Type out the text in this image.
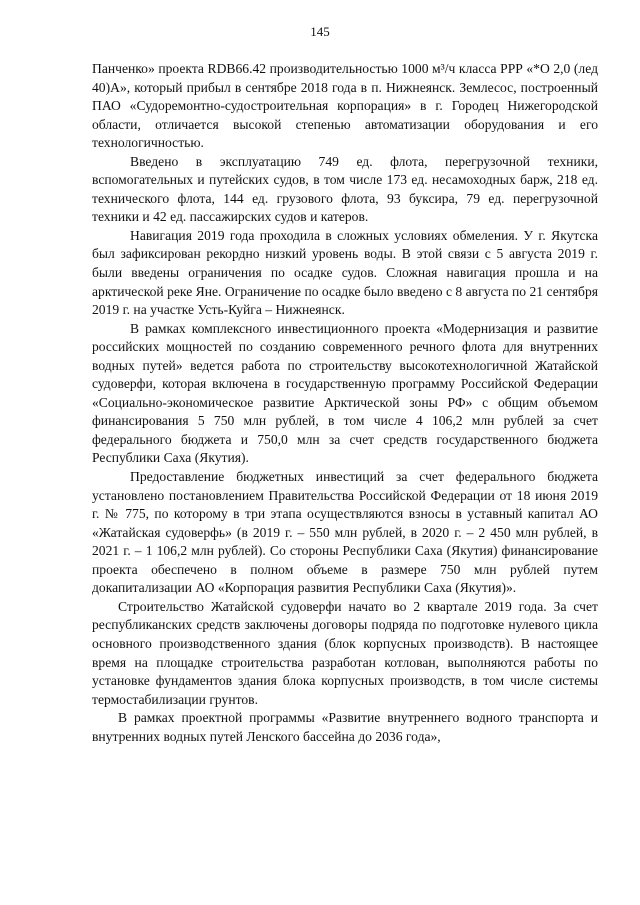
145

Панченко» проекта RDB66.42 производительностью 1000 м³/ч класса РРР «*О 2,0 (лед 40)А», который прибыл в сентябре 2018 года в п. Нижнеянск. Землесос, построенный ПАО «Судоремонтно-судостроительная корпорация» в г. Городец Нижегородской области, отличается высокой степенью автоматизации оборудования и его технологичностью.

Введено в эксплуатацию 749 ед. флота, перегрузочной техники, вспомогательных и путейских судов, в том числе 173 ед. несамоходных барж, 218 ед. технического флота, 144 ед. грузового флота, 93 буксира, 79 ед. перегрузочной техники и 42 ед. пассажирских судов и катеров.

Навигация 2019 года проходила в сложных условиях обмеления. У г. Якутска был зафиксирован рекордно низкий уровень воды. В этой связи с 5 августа 2019 г. были введены ограничения по осадке судов. Сложная навигация прошла и на арктической реке Яне. Ограничение по осадке было введено с 8 августа по 21 сентября 2019 г. на участке Усть-Куйга – Нижнеянск.

В рамках комплексного инвестиционного проекта «Модернизация и развитие российских мощностей по созданию современного речного флота для внутренних водных путей» ведется работа по строительству высокотехнологичной Жатайской судоверфи, которая включена в государственную программу Российской Федерации «Социально-экономическое развитие Арктической зоны РФ» с общим объемом финансирования 5 750 млн рублей, в том числе 4 106,2 млн рублей за счет федерального бюджета и 750,0 млн за счет средств государственного бюджета Республики Саха (Якутия).

Предоставление бюджетных инвестиций за счет федерального бюджета установлено постановлением Правительства Российской Федерации от 18 июня 2019 г. № 775, по которому в три этапа осуществляются взносы в уставный капитал АО «Жатайская судоверфь» (в 2019 г. – 550 млн рублей, в 2020 г. – 2 450 млн рублей, в 2021 г. – 1 106,2 млн рублей). Со стороны Республики Саха (Якутия) финансирование проекта обеспечено в полном объеме в размере 750 млн рублей путем докапитализации АО «Корпорация развития Республики Саха (Якутия)».

Строительство Жатайской судоверфи начато во 2 квартале 2019 года. За счет республиканских средств заключены договоры подряда по подготовке нулевого цикла основного производственного здания (блок корпусных производств). В настоящее время на площадке строительства разработан котлован, выполняются работы по установке фундаментов здания блока корпусных производств, в том числе системы термостабилизации грунтов.

В рамках проектной программы «Развитие внутреннего водного транспорта и внутренних водных путей Ленского бассейна до 2036 года»,
